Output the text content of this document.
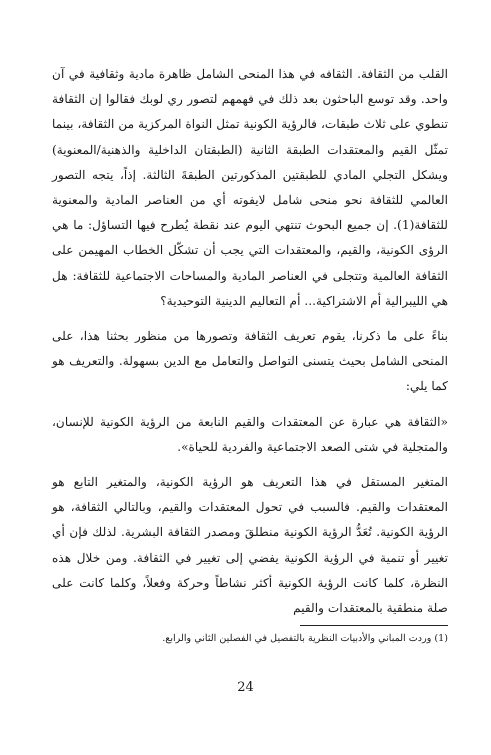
القلب من الثقافة. الثقافه في هذا المنحى الشامل ظاهرة مادية وثقافية في آن واحد. وقد توسع الباحثون بعد ذلك في فهمهم لتصور ري لوبك فقالوا إن الثقافة تنطوي على ثلاث طبقات، فالرؤية الكونية تمثل النواة المركزية من الثقافة، بينما تمثّل القيم والمعتقدات الطبقة الثانية (الطبقتان الداخلية والذهنية/المعنوية) ويشكل التجلي المادي للطبقتين المذكورتين الطبقةَ الثالثة. إذاً، يتجه التصور العالمي للثقافة نحو منحى شامل لايفوته أي من العناصر المادية والمعنوية للثقافة(1). إن جميع البحوث تنتهي اليوم عند نقطة يُطرح فيها التساؤل: ما هي الرؤى الكونية، والقيم، والمعتقدات التي يجب أن تشكّل الخطاب المهيمن على الثقافة العالمية وتتجلى في العناصر المادية والمساحات الاجتماعية للثقافة: هل هي الليبرالية أم الاشتراكية... أم التعاليم الدينية التوحيدية؟

بناءً على ما ذكرنا، يقوم تعريف الثقافة وتصورها من منظور بحثنا هذا، على المنحى الشامل بحيث يتسنى التواصل والتعامل مع الدين بسهولة. والتعريف هو كما يلي:

«الثقافة هي عبارة عن المعتقدات والقيم النابعة من الرؤية الكونية للإنسان، والمتجلية في شتى الصعد الاجتماعية والفردية للحياة».

المتغير المستقل في هذا التعريف هو الرؤية الكونية، والمتغير التابع هو المعتقدات والقيم. فالسبب في تحول المعتقدات والقيم، وبالتالي الثقافة، هو الرؤية الكونية. تُعَدُّ الرؤية الكونية منطلقَ ومصدر الثقافة البشرية. لذلك فإن أي تغيير أو تنمية في الرؤية الكونية يفضي إلى تغيير في الثقافة. ومن خلال هذه النظرة، كلما كانت الرؤية الكونية أكثر نشاطاً وحركة وفعلاً، وكلما كانت على صلة منطقية بالمعتقدات والقيم

(1) وردت المباني والأدبيات النظرية بالتفصيل في الفصلين الثاني والرابع.
24
